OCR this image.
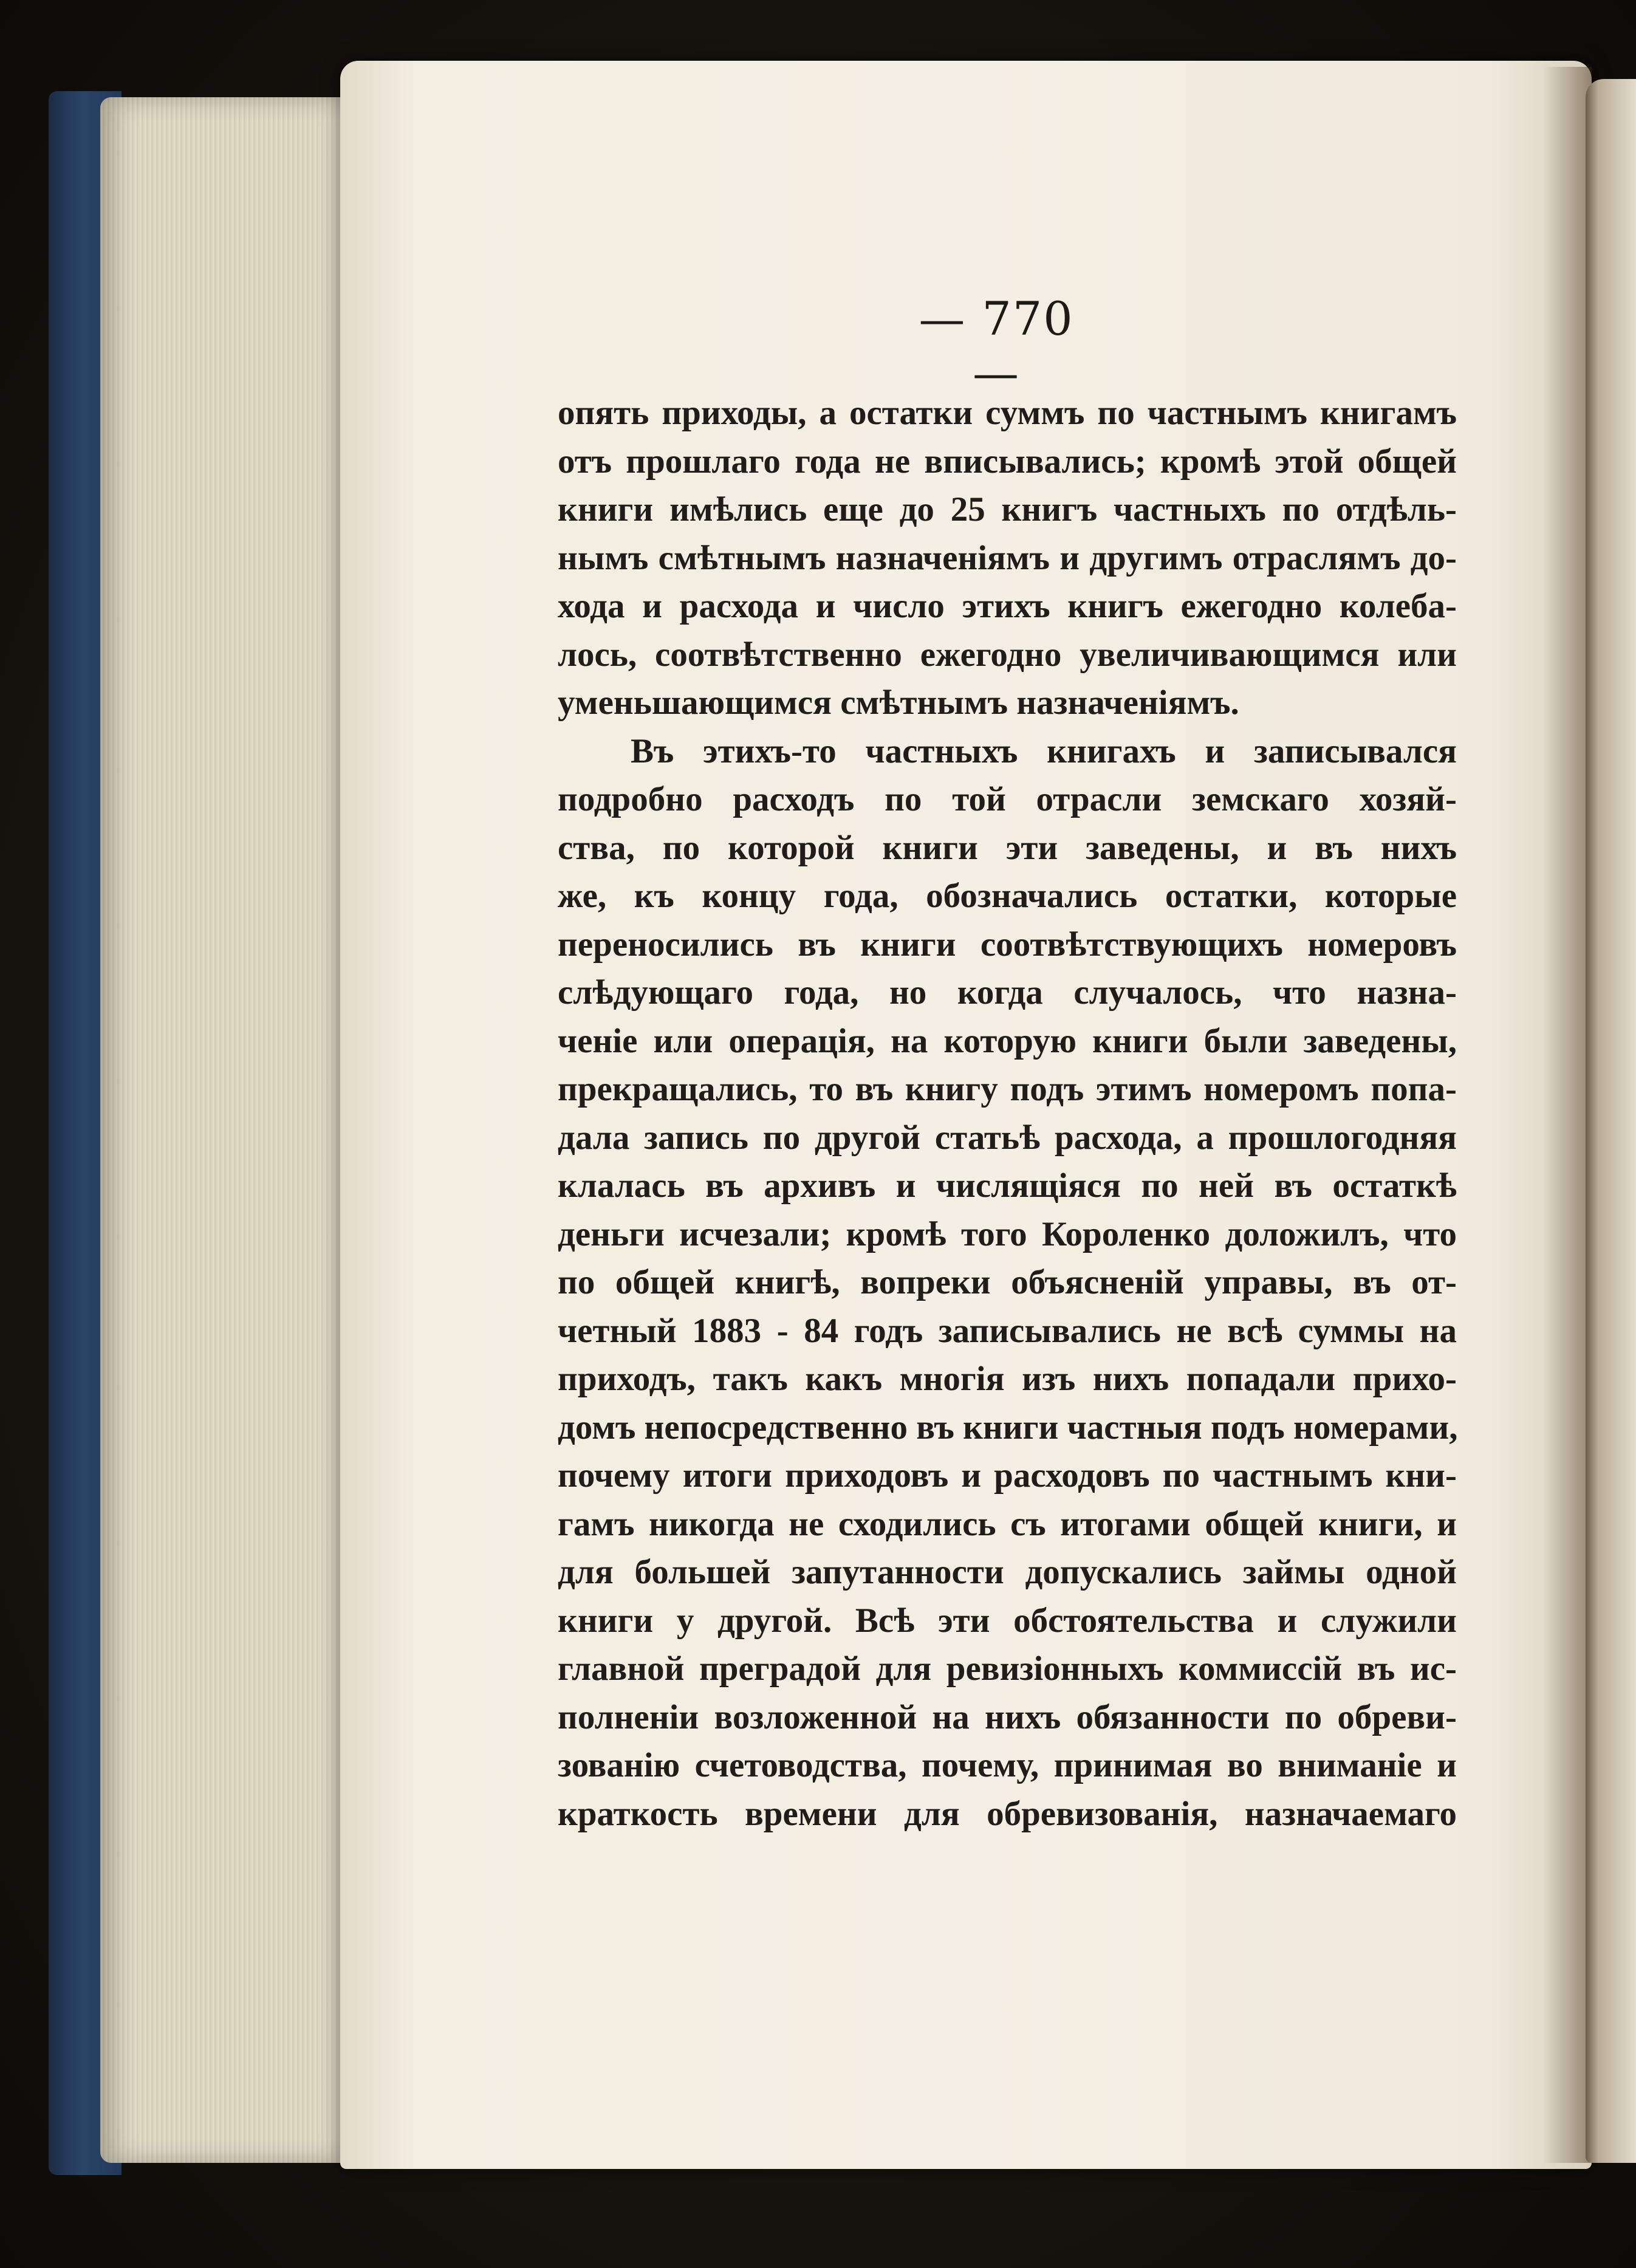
— 770 —
опять приходы, а остатки суммъ по частнымъ книгамъ
отъ прошлаго года не вписывались; кромѣ этой общей
книги имѣлись еще до 25 книгъ частныхъ по отдѣль-
нымъ смѣтнымъ назначеніямъ и другимъ отраслямъ до-
хода и расхода и число этихъ книгъ ежегодно колеба-
лось, соотвѣтственно ежегодно увеличивающимся или
уменьшающимся смѣтнымъ назначеніямъ.
Въ этихъ-то частныхъ книгахъ и записывался
подробно расходъ по той отрасли земскаго хозяй-
ства, по которой книги эти заведены, и въ нихъ
же, къ концу года, обозначались остатки, которые
переносились въ книги соотвѣтствующихъ номеровъ
слѣдующаго года, но когда случалось, что назна-
ченіе или операція, на которую книги были заведены,
прекращались, то въ книгу подъ этимъ номеромъ попа-
дала запись по другой статьѣ расхода, а прошлогодняя
клалась въ архивъ и числящіяся по ней въ остаткѣ
деньги исчезали; кромѣ того Короленко доложилъ, что
по общей книгѣ, вопреки объясненій управы, въ от-
четный 1883 - 84 годъ записывались не всѣ суммы на
приходъ, такъ какъ многія изъ нихъ попадали прихо-
домъ непосредственно въ книги частныя подъ номерами,
почему итоги приходовъ и расходовъ по частнымъ кни-
гамъ никогда не сходились съ итогами общей книги, и
для большей запутанности допускались займы одной
книги у другой. Всѣ эти обстоятельства и служили
главной преградой для ревизіонныхъ коммиссій въ ис-
полненіи возложенной на нихъ обязанности по обреви-
зованію счетоводства, почему, принимая во вниманіе и
краткость времени для обревизованія, назначаемаго
